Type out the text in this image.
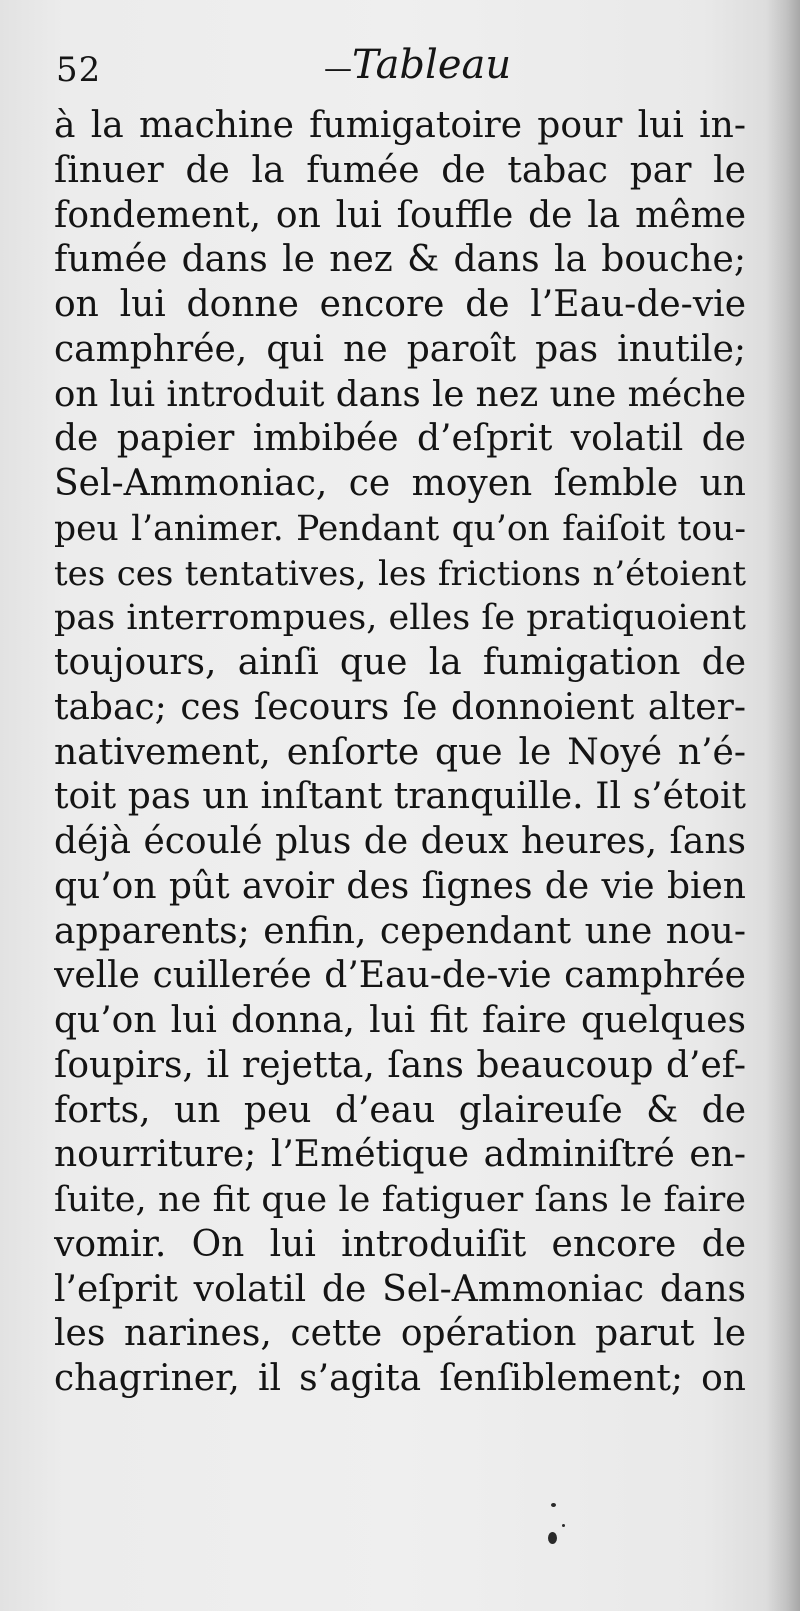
52	—Tableau
à la machine fumigatoire pour lui in-
ſinuer de la fumée de tabac par le
fondement, on lui ſouffle de la même
fumée dans le nez & dans la bouche;
on lui donne encore de l’Eau-de-vie
camphrée, qui ne paroît pas inutile;
on lui introduit dans le nez une méche
de papier imbibée d’eſprit volatil de
Sel-Ammoniac, ce moyen ſemble un
peu l’animer. Pendant qu’on faiſoit tou-
tes ces tentatives, les frictions n’étoient
pas interrompues, elles ſe pratiquoient
toujours, ainſi que la fumigation de
tabac; ces ſecours ſe donnoient alter-
nativement, enſorte que le Noyé n’é-
toit pas un inſtant tranquille. Il s’étoit
déjà écoulé plus de deux heures, ſans
qu’on pût avoir des ſignes de vie bien
apparents; enfin, cependant une nou-
velle cuillerée d’Eau-de-vie camphrée
qu’on lui donna, lui fit faire quelques
ſoupirs, il rejetta, ſans beaucoup d’ef-
forts, un peu d’eau glaireuſe & de
nourriture; l’Emétique adminiſtré en-
ſuite, ne fit que le fatiguer ſans le faire
vomir. On lui introduiſit encore de
l’eſprit volatil de Sel-Ammoniac dans
les narines, cette opération parut le
chagriner, il s’agita ſenſiblement; on
